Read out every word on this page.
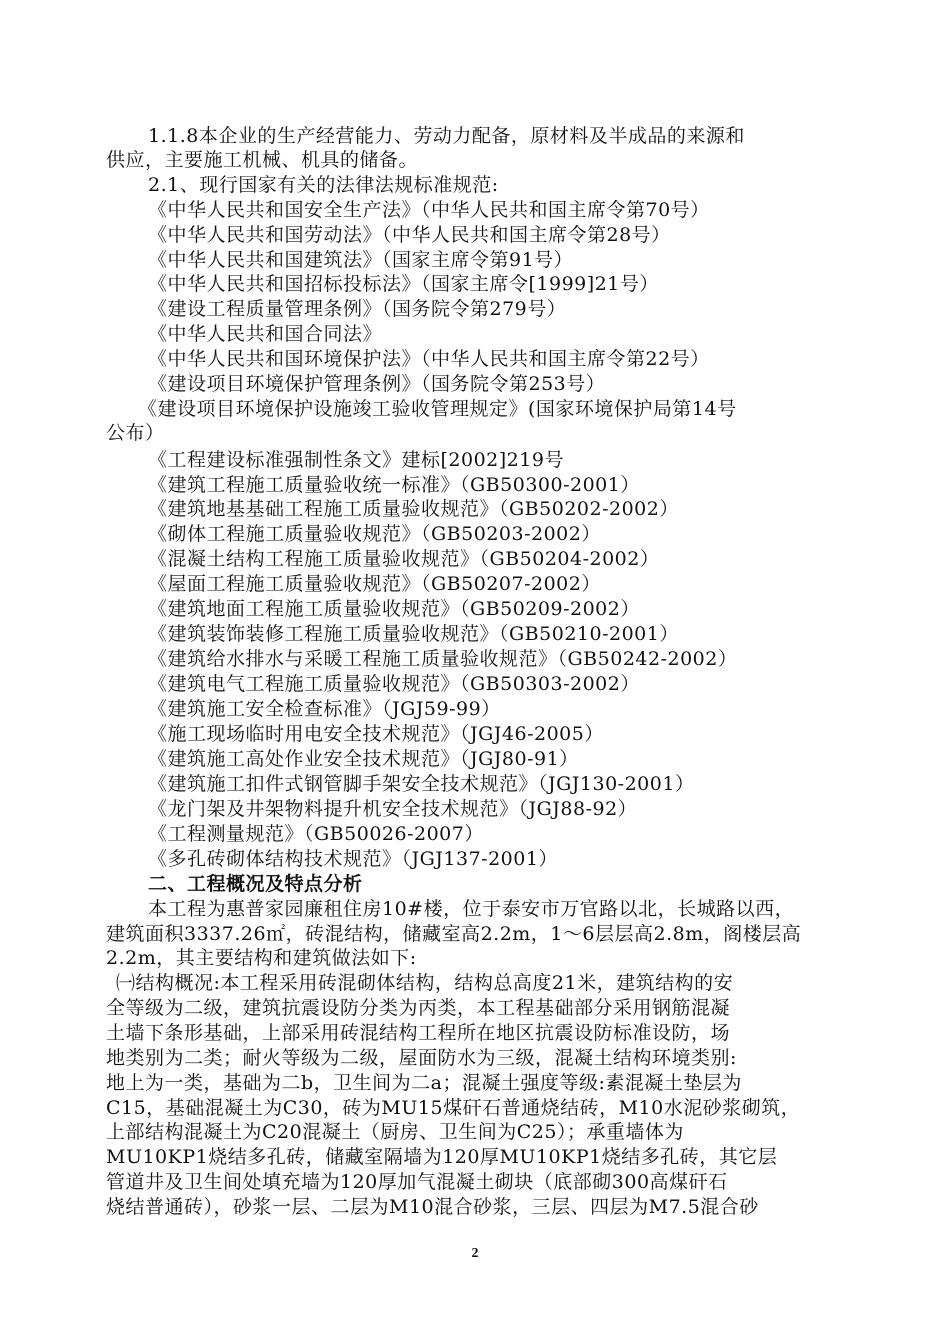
1.1.8本企业的生产经营能力、劳动力配备，原材料及半成品的来源和
供应，主要施工机械、机具的储备。
2.1、现行国家有关的法律法规标准规范:
《中华人民共和国安全生产法》（中华人民共和国主席令第70号）
《中华人民共和国劳动法》（中华人民共和国主席令第28号）
《中华人民共和国建筑法》（国家主席令第91号）
《中华人民共和国招标投标法》（国家主席令[1999]21号）
《建设工程质量管理条例》（国务院令第279号）
《中华人民共和国合同法》
《中华人民共和国环境保护法》（中华人民共和国主席令第22号）
《建设项目环境保护管理条例》（国务院令第253号）
《建设项目环境保护设施竣工验收管理规定》(国家环境保护局第14号
公布）
《工程建设标准强制性条文》建标[2002]219号
《建筑工程施工质量验收统一标准》（GB50300-2001）
《建筑地基基础工程施工质量验收规范》（GB50202-2002）
《砌体工程施工质量验收规范》（GB50203-2002）
《混凝土结构工程施工质量验收规范》（GB50204-2002）
《屋面工程施工质量验收规范》（GB50207-2002）
《建筑地面工程施工质量验收规范》（GB50209-2002）
《建筑装饰装修工程施工质量验收规范》（GB50210-2001）
《建筑给水排水与采暖工程施工质量验收规范》（GB50242-2002）
《建筑电气工程施工质量验收规范》（GB50303-2002）
《建筑施工安全检查标准》（JGJ59-99）
《施工现场临时用电安全技术规范》（JGJ46-2005）
《建筑施工高处作业安全技术规范》（JGJ80-91）
《建筑施工扣件式钢管脚手架安全技术规范》（JGJ130-2001）
《龙门架及井架物料提升机安全技术规范》（JGJ88-92）
《工程测量规范》（GB50026-2007）
《多孔砖砌体结构技术规范》（JGJ137-2001）
二、工程概况及特点分析
本工程为惠普家园廉租住房10#楼，位于泰安市万官路以北，长城路以西，
建筑面积3337.26㎡，砖混结构，储藏室高2.2m，1～6层层高2.8m，阁楼层高
2.2m，其主要结构和建筑做法如下:
㈠结构概况:本工程采用砖混砌体结构，结构总高度21米，建筑结构的安
全等级为二级，建筑抗震设防分类为丙类，本工程基础部分采用钢筋混凝
土墙下条形基础，上部采用砖混结构工程所在地区抗震设防标准设防，场
地类别为二类；耐火等级为二级，屋面防水为三级，混凝土结构环境类别:
地上为一类，基础为二b，卫生间为二a；混凝土强度等级:素混凝土垫层为
C15，基础混凝土为C30，砖为MU15煤矸石普通烧结砖，M10水泥砂浆砌筑，
上部结构混凝土为C20混凝土（厨房、卫生间为C25）；承重墙体为
MU10KP1烧结多孔砖，储藏室隔墙为120厚MU10KP1烧结多孔砖，其它层
管道井及卫生间处填充墙为120厚加气混凝土砌块（底部砌300高煤矸石
烧结普通砖），砂浆一层、二层为M10混合砂浆，三层、四层为M7.5混合砂
2
